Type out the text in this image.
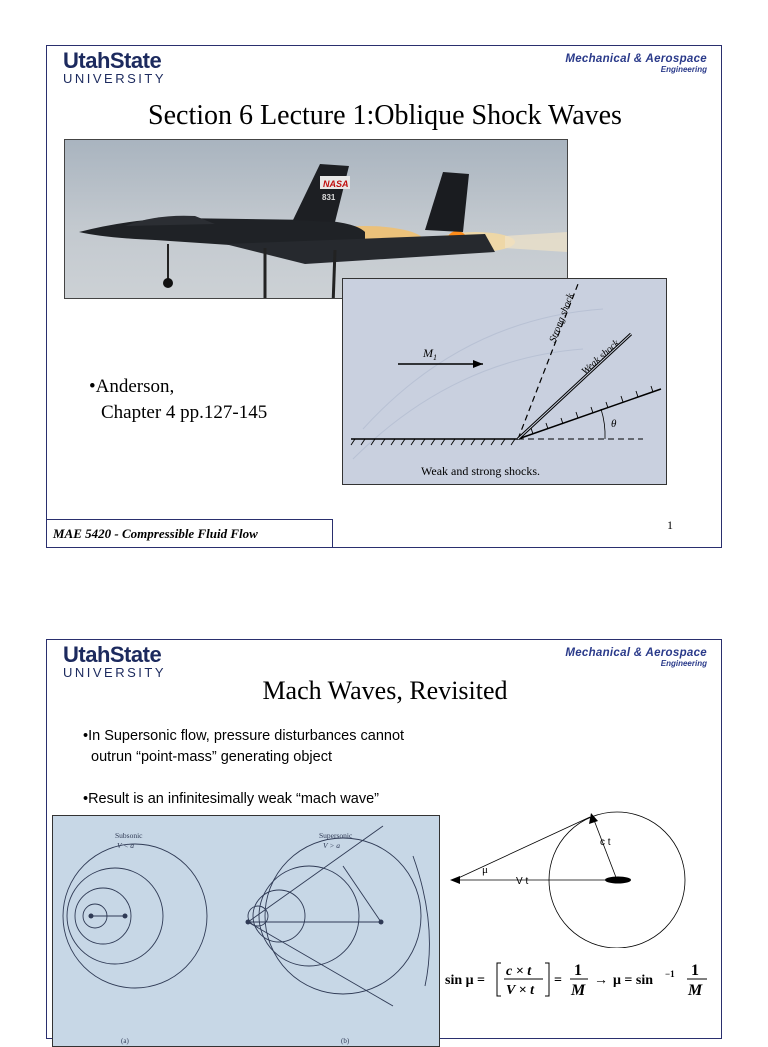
UtahState
UNIVERSITY
Mechanical & Aerospace
Engineering
Section 6 Lecture 1:Oblique Shock Waves
NASA
831
$M_1$
θ
Strong shock
Weak shock
Weak and strong shocks.
•Anderson,
Chapter 4 pp.127-145
MAE 5420 - Compressible Fluid Flow
1
UtahState
UNIVERSITY
Mechanical & Aerospace
Engineering
Mach Waves, Revisited
•In Supersonic flow, pressure disturbances cannot
outrun “point-mass” generating object
•Result is an infinitesimally weak “mach wave”
Subsonic
V < a
Supersonic
V > a
(a)	(b)
μ
V t
c t
sin μ =
c × t
V × t
=
1
M
→ μ = sin −1 1
M
